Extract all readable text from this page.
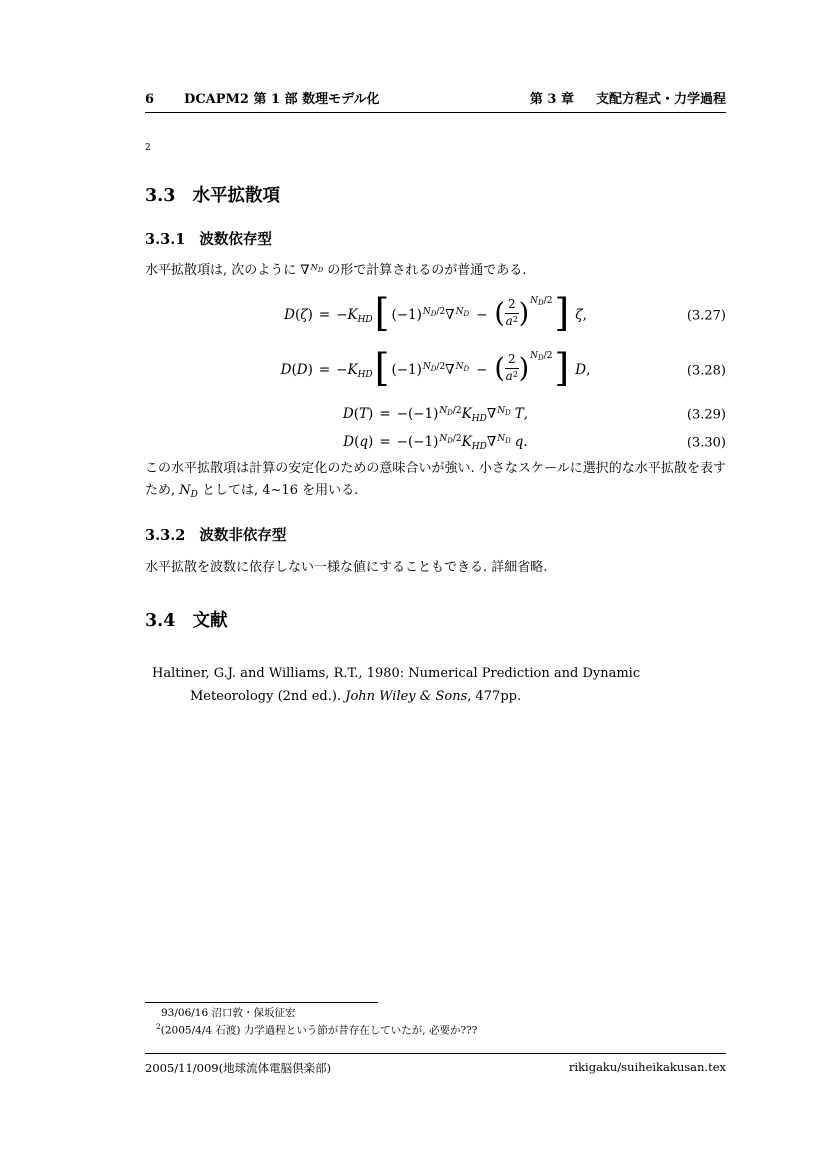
6 DCAPM2 第 1 部 数理モデル化	第 3 章 支配方程式・力学過程
2
3.3 水平拡散項
3.3.1 波数依存型
水平拡散項は, 次のように $\nabla N_D$ の形で計算されるのが普通である.
$D(\zeta) = -K_{HD}$[ $(-1)N_D/2\nabla N_D$ − ( $\frac{2}{a^2} )N_D/2$] ζ,	(3.27)
$D(D) = -K_{HD}$[ $(-1)N_D/2\nabla N_D$ − ( $\frac{2}{a^2} )N_D/2$] D,	(3.28)
$D(T) = -(-1)N_D/2K_{HD}\nabla N_D$ T,	(3.29)
$D(q) = -(-1)N_D/2K_{HD}\nabla N_D$ q.	(3.30)
この水平拡散項は計算の安定化のための意味合いが強い. 小さなスケールに選択的な水平拡散を表すため, $N_D$ としては, 4~16 を用いる.
3.3.2 波数非依存型
水平拡散を波数に依存しない一様な値にすることもできる. 詳細省略.
3.4 文献
Haltiner, G.J. and Williams, R.T., 1980: Numerical Prediction and Dynamic Meteorology (2nd ed.). John Wiley & Sons, 477pp.
93/06/16 沼口敦・保坂征宏
$^2$(2005/4/4 石渡) 力学過程という節が昔存在していたが, 必要か???
2005/11/009(地球流体電脳倶楽部)	rikigaku/suiheikakusan.tex
